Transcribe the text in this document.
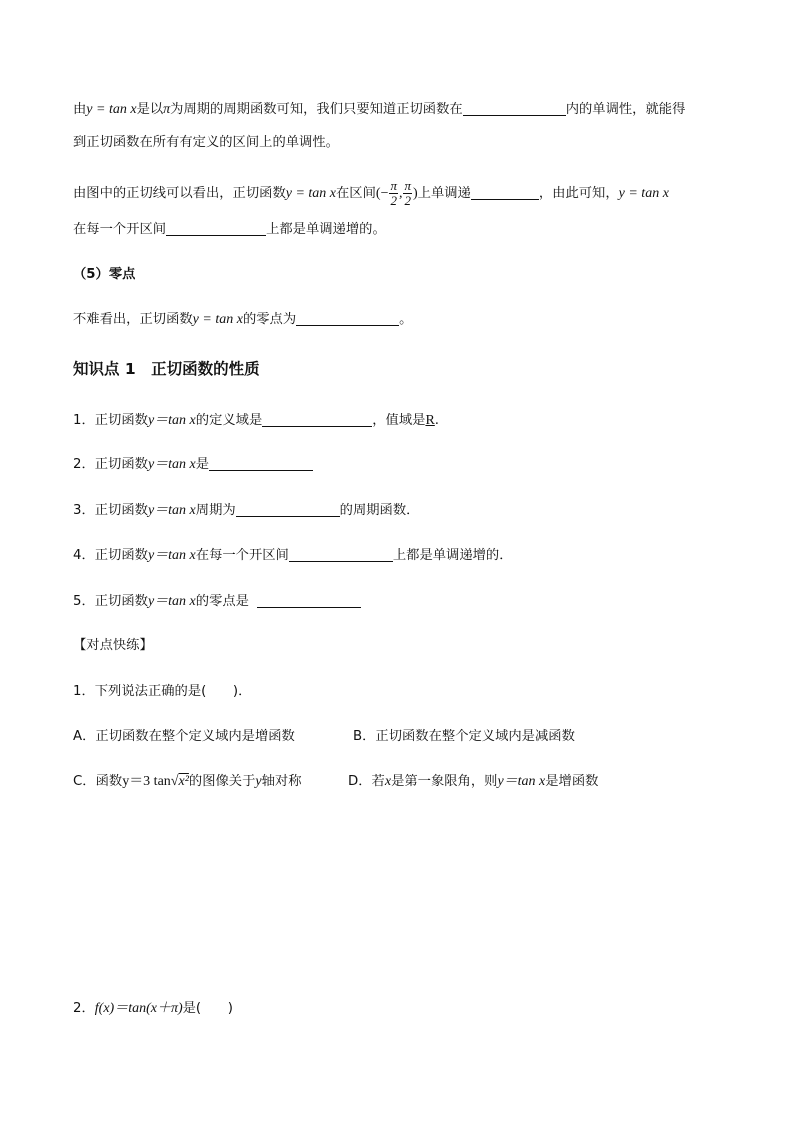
由y = tan x是以π为周期的周期函数可知，我们只要知道正切函数在	内的单调性，就能得
到正切函数在所有有定义的区间上的单调性。
由图中的正切线可以看出，正切函数y = tan x在区间(− $\frac{\pi}{2}$ , $\frac{\pi}{2}$ )上单调递	，由此可知，y = tan x
在每一个开区间	上都是单调递增的。
（5）零点
不难看出，正切函数y = tan x的零点为	。
知识点 1　正切函数的性质
1．正切函数y＝tan x的定义域是	，值域是R.
2．正切函数y＝tan x是
3．正切函数y＝tan x周期为	的周期函数．
4．正切函数y＝tan x在每一个开区间	上都是单调递增的．
5．正切函数y＝tan x的零点是
【对点快练】
1．下列说法正确的是(　　)．
A．正切函数在整个定义域内是增函数	B．正切函数在整个定义域内是减函数
C．函数y＝3 tan√x²的图像关于y轴对称	D．若x是第一象限角，则y＝tan x是增函数
2．f(x)＝tan(x＋π)是(　　)
